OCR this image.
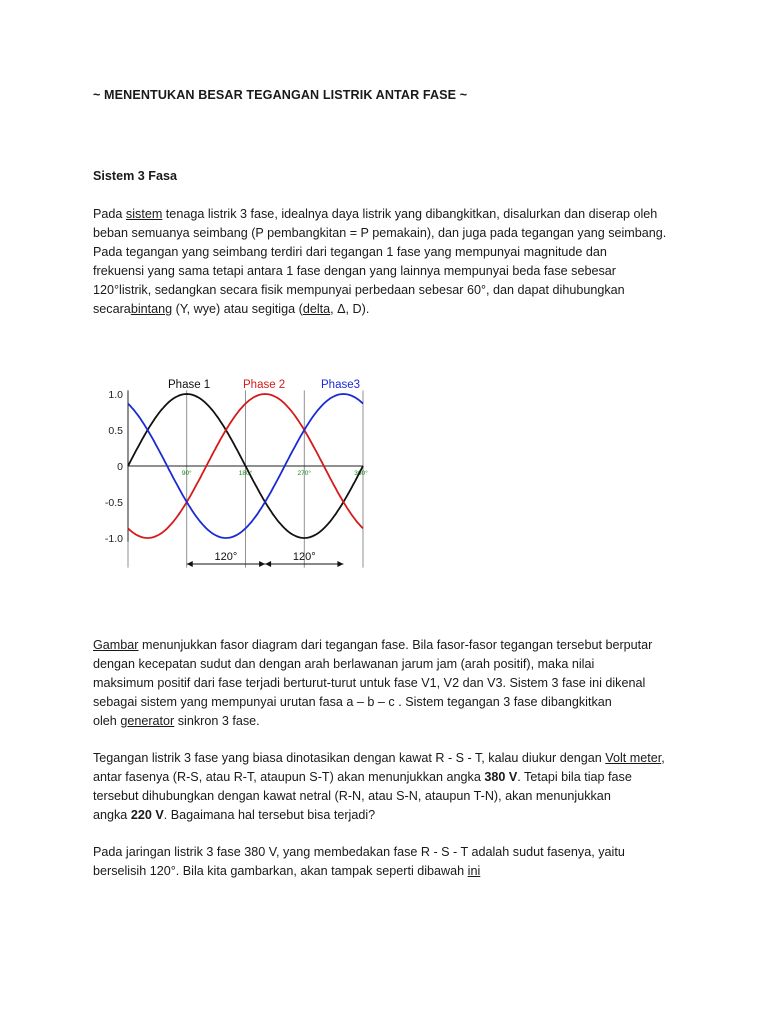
~ MENENTUKAN BESAR TEGANGAN LISTRIK ANTAR FASE ~
Sistem 3 Fasa
Pada sistem tenaga listrik 3 fase, idealnya daya listrik yang dibangkitkan, disalurkan dan diserap oleh
beban semuanya seimbang (P pembangkitan = P pemakain), dan juga pada tegangan yang seimbang.
Pada tegangan yang seimbang terdiri dari tegangan 1 fase yang mempunyai magnitude dan
frekuensi yang sama tetapi antara 1 fase dengan yang lainnya mempunyai beda fase sebesar
120°listrik, sedangkan secara fisik mempunyai perbedaan sebesar 60°, dan dapat dihubungkan
secarabintang (Y, wye) atau segitiga (delta, Δ, D).
1.0
0.5
0
-0.5
-1.0
90°	180°	270°	360°
Phase 1	Phase 2	Phase3
120°	120°
Gambar menunjukkan fasor diagram dari tegangan fase. Bila fasor-fasor tegangan tersebut berputar
dengan kecepatan sudut dan dengan arah berlawanan jarum jam (arah positif), maka nilai
maksimum positif dari fase terjadi berturut-turut untuk fase V1, V2 dan V3. Sistem 3 fase ini dikenal
sebagai sistem yang mempunyai urutan fasa a – b – c . Sistem tegangan 3 fase dibangkitkan
oleh generator sinkron 3 fase.
Tegangan listrik 3 fase yang biasa dinotasikan dengan kawat R - S - T, kalau diukur dengan Volt meter,
antar fasenya (R-S, atau R-T, ataupun S-T) akan menunjukkan angka 380 V. Tetapi bila tiap fase
tersebut dihubungkan dengan kawat netral (R-N, atau S-N, ataupun T-N), akan menunjukkan
angka 220 V. Bagaimana hal tersebut bisa terjadi?
Pada jaringan listrik 3 fase 380 V, yang membedakan fase R - S - T adalah sudut fasenya, yaitu
berselisih 120°. Bila kita gambarkan, akan tampak seperti dibawah ini
